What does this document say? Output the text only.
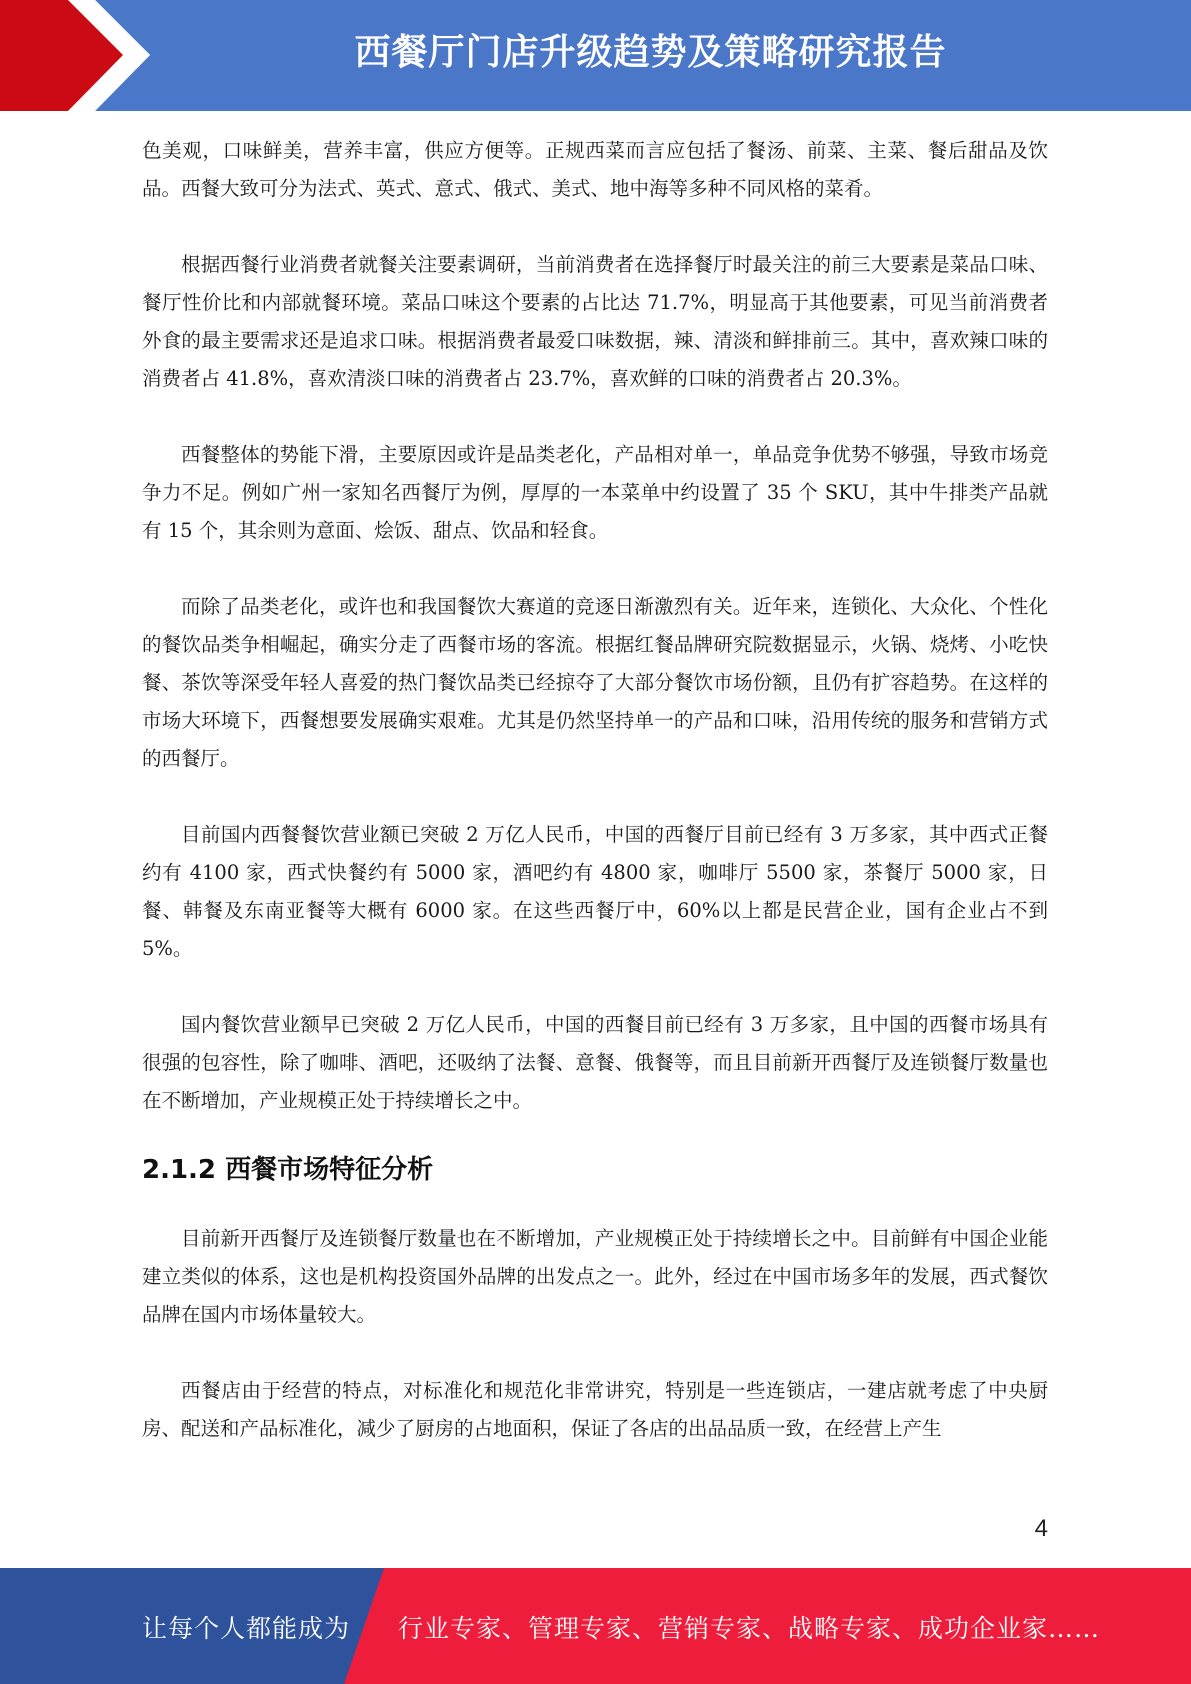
西餐厅门店升级趋势及策略研究报告

色美观，口味鲜美，营养丰富，供应方便等。正规西菜而言应包括了餐汤、前菜、主菜、餐后甜品及饮品。西餐大致可分为法式、英式、意式、俄式、美式、地中海等多种不同风格的菜肴。

根据西餐行业消费者就餐关注要素调研，当前消费者在选择餐厅时最关注的前三大要素是菜品口味、餐厅性价比和内部就餐环境。菜品口味这个要素的占比达 71.7%，明显高于其他要素，可见当前消费者外食的最主要需求还是追求口味。根据消费者最爱口味数据，辣、清淡和鲜排前三。其中，喜欢辣口味的消费者占 41.8%，喜欢清淡口味的消费者占 23.7%，喜欢鲜的口味的消费者占 20.3%。

西餐整体的势能下滑，主要原因或许是品类老化，产品相对单一，单品竞争优势不够强，导致市场竞争力不足。例如广州一家知名西餐厅为例，厚厚的一本菜单中约设置了 35 个 SKU，其中牛排类产品就有 15 个，其余则为意面、烩饭、甜点、饮品和轻食。

而除了品类老化，或许也和我国餐饮大赛道的竞逐日渐激烈有关。近年来，连锁化、大众化、个性化的餐饮品类争相崛起，确实分走了西餐市场的客流。根据红餐品牌研究院数据显示，火锅、烧烤、小吃快餐、茶饮等深受年轻人喜爱的热门餐饮品类已经掠夺了大部分餐饮市场份额，且仍有扩容趋势。在这样的市场大环境下，西餐想要发展确实艰难。尤其是仍然坚持单一的产品和口味，沿用传统的服务和营销方式的西餐厅。

目前国内西餐餐饮营业额已突破 2 万亿人民币，中国的西餐厅目前已经有 3 万多家，其中西式正餐约有 4100 家，西式快餐约有 5000 家，酒吧约有 4800 家，咖啡厅 5500 家，茶餐厅 5000 家，日餐、韩餐及东南亚餐等大概有 6000 家。在这些西餐厅中，60%以上都是民营企业，国有企业占不到 5%。

国内餐饮营业额早已突破 2 万亿人民币，中国的西餐目前已经有 3 万多家，且中国的西餐市场具有很强的包容性，除了咖啡、酒吧，还吸纳了法餐、意餐、俄餐等，而且目前新开西餐厅及连锁餐厅数量也在不断增加，产业规模正处于持续增长之中。

2.1.2 西餐市场特征分析

目前新开西餐厅及连锁餐厅数量也在不断增加，产业规模正处于持续增长之中。目前鲜有中国企业能建立类似的体系，这也是机构投资国外品牌的出发点之一。此外，经过在中国市场多年的发展，西式餐饮品牌在国内市场体量较大。

西餐店由于经营的特点，对标准化和规范化非常讲究，特别是一些连锁店，一建店就考虑了中央厨房、配送和产品标准化，减少了厨房的占地面积，保证了各店的出品品质一致，在经营上产生

4
让每个人都能成为 行业专家、管理专家、营销专家、战略专家、成功企业家……
